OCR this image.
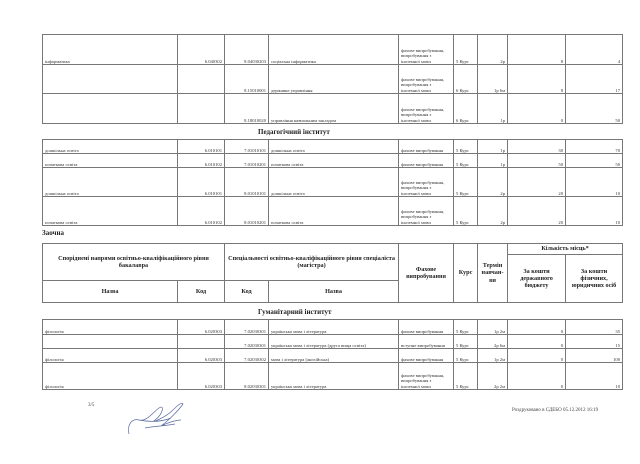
інформатика	6.040302	8.04030203	соціальна інформатика	фахове випробування, випробування з іноземної мови	5 Курс	2р	8	4
		8.15010001	державне управління	фахове випробування, випробування з іноземної мови	6 Курс	1р 6м	8	17
		8.18010020	управління навчальним закладом	фахове випробування, випробування з іноземної мови	6 Курс	1р	0	50
Педагогічний інститут
дошкільна освіта	6.010101	7.01010101	дошкільна освіта	фахове випробування	5 Курс	1р	30	70
початкова освіта	6.010102	7.01010201	початкова освіта	фахове випробування	5 Курс	1р	50	50
дошкільна освіта	6.010101	8.01010101	дошкільна освіта	фахове випробування, випробування з іноземної мови	5 Курс	2р	20	10
початкова освіта	6.010102	8.01010201	початкова освіта	фахове випробування, випробування з іноземної мови	5 Курс	2р	20	10
Заочна
Споріднені напрями освітньо-кваліфікаційного рівня бакалавра		Спеціальності освітньо-кваліфікаційного рівня спеціаліста (магістра)		Фахове випробування	Курс	Термін навчан-ня	Кількість місць*	
							За кошти державного бюджету	За кошти фізичних, юридичних осіб
Назва	Код	Код	Назва					
Гуманітарний інститут
філологія	6.020303	7.02030301	українська мова і література	фахове випробування	5 Курс	1р 2м	0	35
		7.02030301	українська мова і література (друга вища освіта)	вступне випробування	5 Курс	2р 6м	0	15
філологія	6.020303	7.02030302	мова і література (англійська)	фахове випробування	5 Курс	1р 2м	0	100
філологія	6.020303	8.02030301	українська мова і література	фахове випробування, випробування з іноземної мови	5 Курс	2р 2м	0	10
3/5
Роздруковано в СДЕБО 05.12.2012 16:19
